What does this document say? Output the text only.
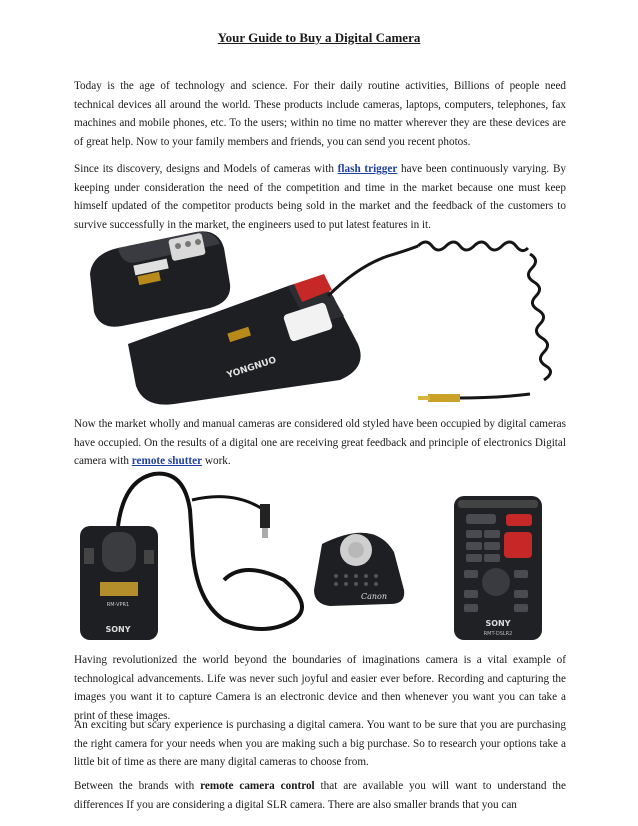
Your Guide to Buy a Digital Camera

Today is the age of technology and science. For their daily routine activities, Billions of people need technical devices all around the world. These products include cameras, laptops, computers, telephones, fax machines and mobile phones, etc. To the users; within no time no matter wherever they are these devices are of great help. Now to your family members and friends, you can send you recent photos.

Since its discovery, designs and Models of cameras with flash trigger have been continuously varying. By keeping under consideration the need of the competition and time in the market because one must keep himself updated of the competitor products being sold in the market and the feedback of the customers to survive successfully in the market, the engineers used to put latest features in it.

YONGNUO

Now the market wholly and manual cameras are considered old styled have been occupied by digital cameras have occupied. On the results of a digital one are receiving great feedback and principle of electronics Digital camera with remote shutter work.

SONY
RM-VPR1
Canon
SONY
RMT-DSLR2

Having revolutionized the world beyond the boundaries of imaginations camera is a vital example of technological advancements. Life was never such joyful and easier ever before. Recording and capturing the images you want it to capture Camera is an electronic device and then whenever you want you can take a print of these images.

An exciting but scary experience is purchasing a digital camera. You want to be sure that you are purchasing the right camera for your needs when you are making such a big purchase. So to research your options take a little bit of time as there are many digital cameras to choose from.

Between the brands with remote camera control that are available you will want to understand the differences If you are considering a digital SLR camera. There are also smaller brands that you can
